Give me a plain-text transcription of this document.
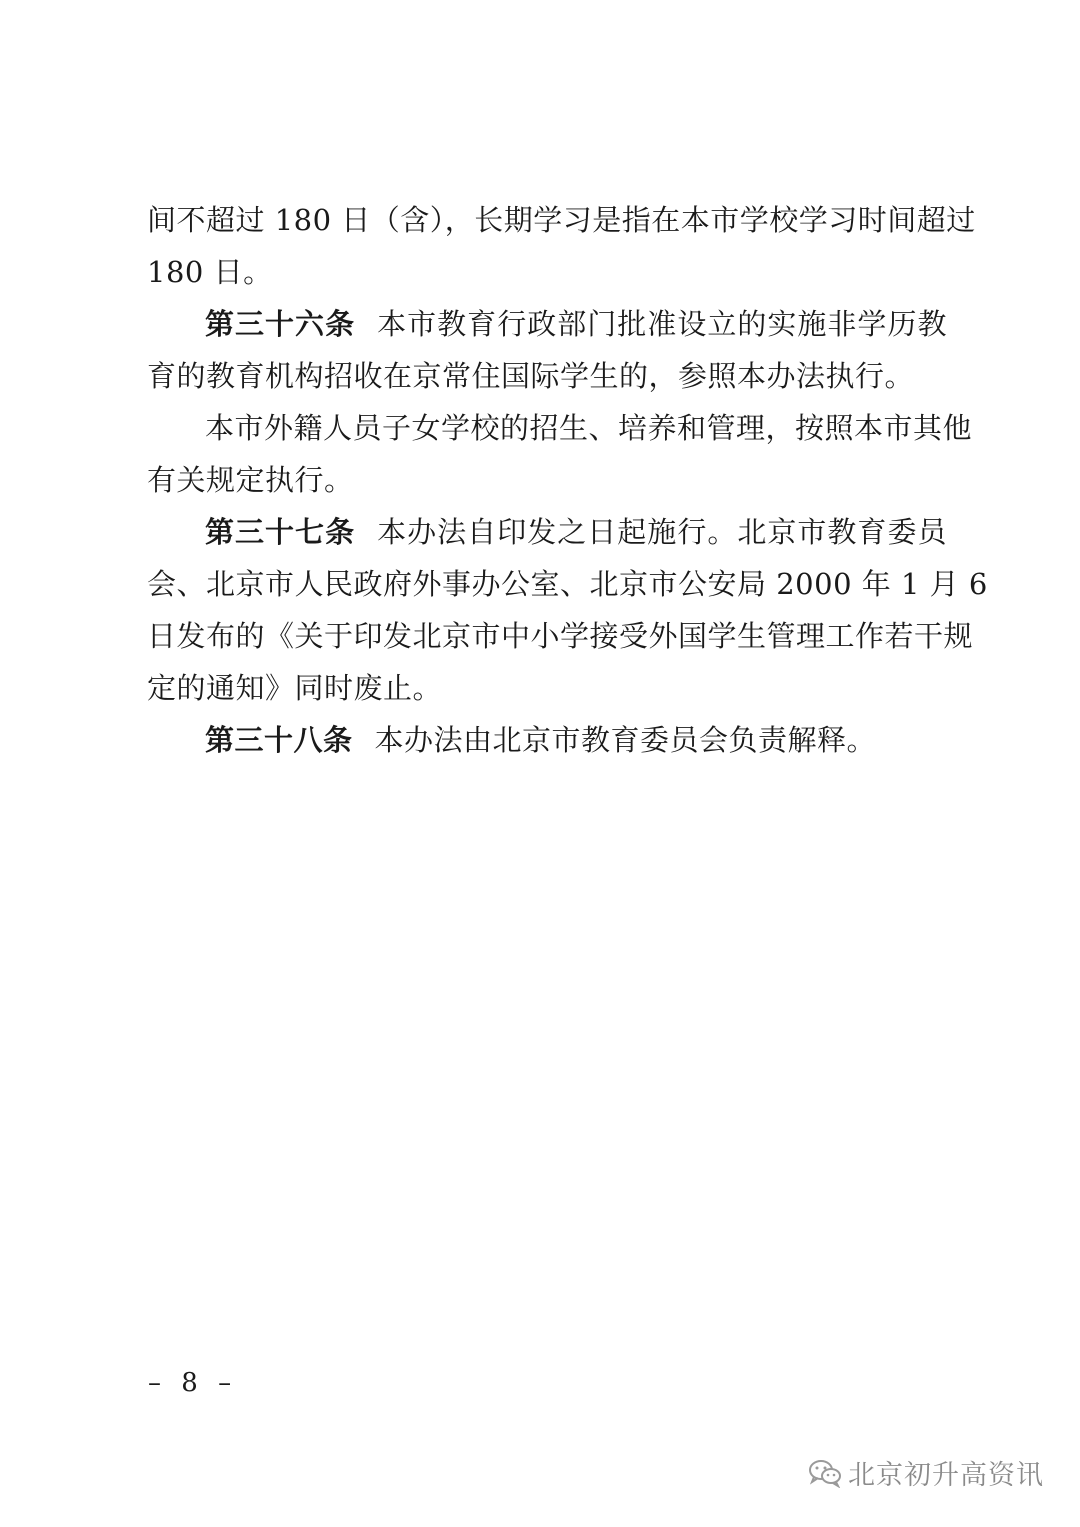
间不超过 180 日（含），长期学习是指在本市学校学习时间超过
180 日。
第三十六条 本市教育行政部门批准设立的实施非学历教
育的教育机构招收在京常住国际学生的，参照本办法执行。
本市外籍人员子女学校的招生、培养和管理，按照本市其他
有关规定执行。
第三十七条 本办法自印发之日起施行。北京市教育委员
会、北京市人民政府外事办公室、北京市公安局 2000 年 1 月 6
日发布的《关于印发北京市中小学接受外国学生管理工作若干规
定的通知》同时废止。
第三十八条 本办法由北京市教育委员会负责解释。
– 8 –
北京初升高资讯
